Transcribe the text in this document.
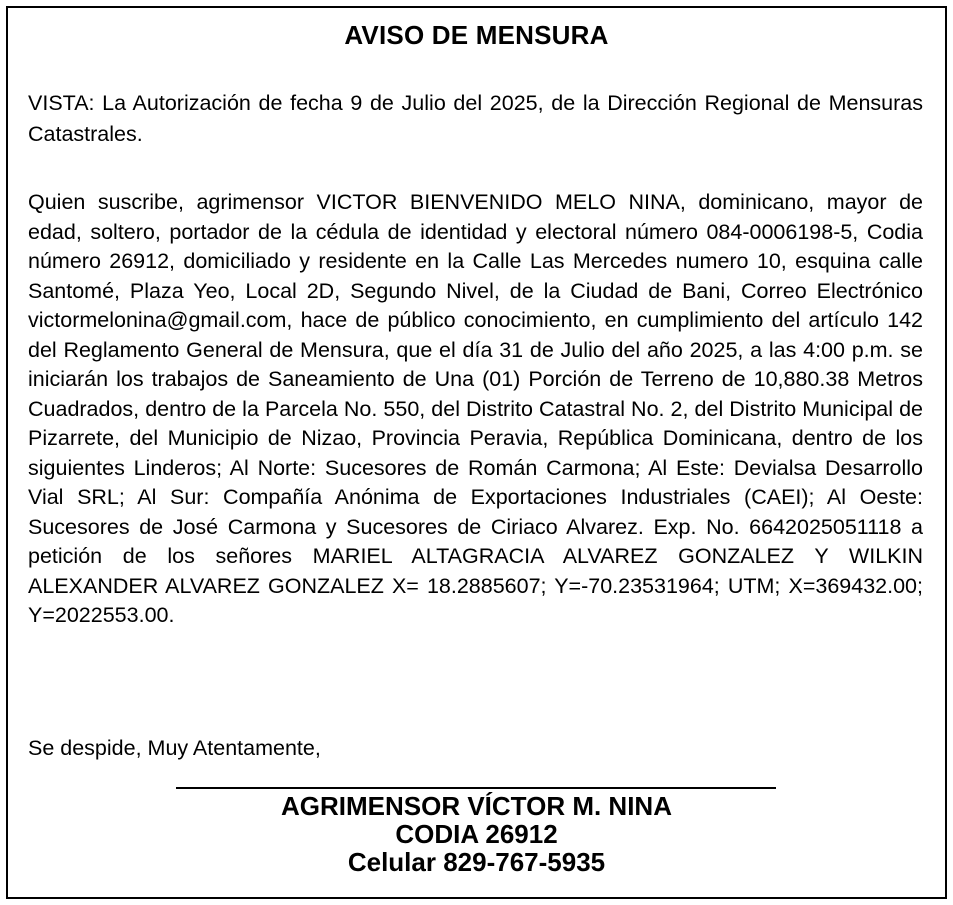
AVISO DE MENSURA
VISTA: La Autorización de fecha 9 de Julio del 2025, de la Dirección Regional de Mensuras Catastrales.
Quien suscribe, agrimensor VICTOR BIENVENIDO MELO NINA, dominicano, mayor de edad, soltero, portador de la cédula de identidad y electoral número 084-0006198-5, Codia número 26912, domiciliado y residente en la Calle Las Mercedes numero 10, esquina calle Santomé, Plaza Yeo, Local 2D, Segundo Nivel, de la Ciudad de Bani, Correo Electrónico victormelonina@gmail.com, hace de público conocimiento, en cumplimiento del artículo 142 del Reglamento General de Mensura, que el día 31 de Julio del año 2025, a las 4:00 p.m. se iniciarán los trabajos de Saneamiento de Una (01) Porción de Terreno de 10,880.38 Metros Cuadrados, dentro de la Parcela No. 550, del Distrito Catastral No. 2, del Distrito Municipal de Pizarrete, del Municipio de Nizao, Provincia Peravia, República Dominicana, dentro de los siguientes Linderos; Al Norte: Sucesores de Román Carmona; Al Este: Devialsa Desarrollo Vial SRL; Al Sur: Compañía Anónima de Exportaciones Industriales (CAEI); Al Oeste: Sucesores de José Carmona y Sucesores de Ciriaco Alvarez. Exp. No. 6642025051118 a petición de los señores MARIEL ALTAGRACIA ALVAREZ GONZALEZ Y WILKIN ALEXANDER ALVAREZ GONZALEZ X= 18.2885607; Y=-70.23531964; UTM; X=369432.00; Y=2022553.00.
Se despide, Muy Atentamente,
AGRIMENSOR VÍCTOR M. NINA
CODIA 26912
Celular 829-767-5935
